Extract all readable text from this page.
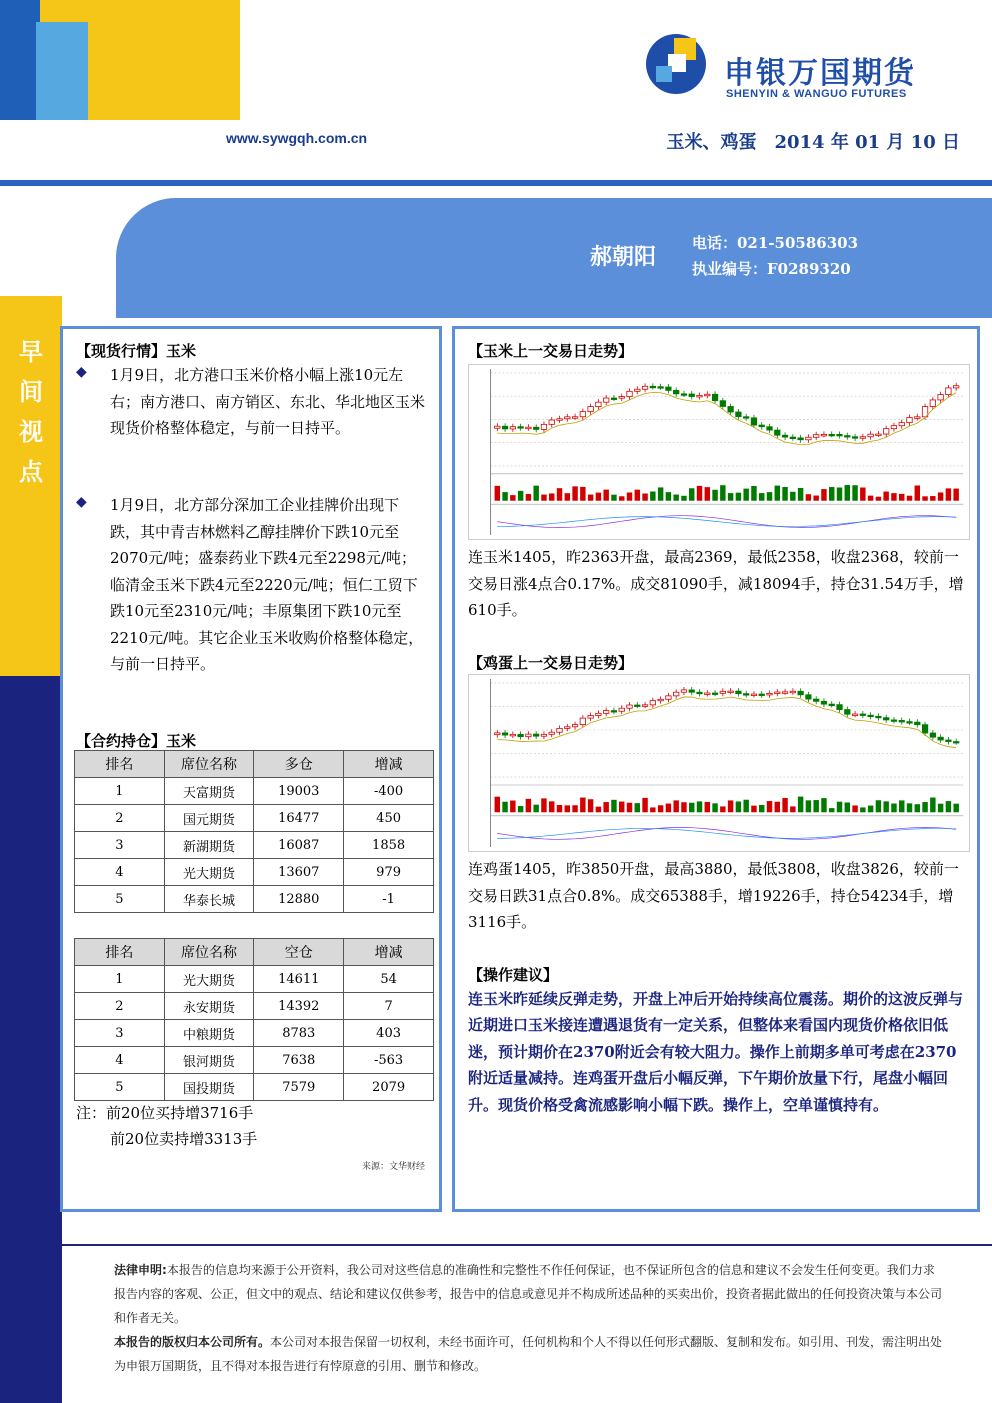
www.sywgqh.com.cn
申银万国期货
SHENYIN & WANGUO FUTURES
玉米、鸡蛋　2014 年 01 月 10 日
早
间
视
点
郝朝阳
电话：021-50586303
执业编号：F0289320
【现货行情】玉米
◆	1月9日，北方港口玉米价格小幅上涨10元左右；南方港口、南方销区、东北、华北地区玉米现货价格整体稳定，与前一日持平。
◆	1月9日，北方部分深加工企业挂牌价出现下跌，其中青吉林燃料乙醇挂牌价下跌10元至2070元/吨；盛泰药业下跌4元至2298元/吨；临清金玉米下跌4元至2220元/吨；恒仁工贸下跌10元至2310元/吨；丰原集团下跌10元至2210元/吨。其它企业玉米收购价格整体稳定，与前一日持平。
【合约持仓】玉米
排名	席位名称	多仓	增减
1	天富期货	19003	-400
2	国元期货	16477	450
3	新湖期货	16087	1858
4	光大期货	13607	979
5	华泰长城	12880	-1
排名	席位名称	空仓	增减
1	光大期货	14611	54
2	永安期货	14392	7
3	中粮期货	8783	403
4	银河期货	7638	-563
5	国投期货	7579	2079
注：前20位买持增3716手
前20位卖持增3313手
来源：文华财经
【玉米上一交易日走势】
连玉米1405，昨2363开盘，最高2369，最低2358，收盘2368，较前一交易日涨4点合0.17%。成交81090手，减18094手，持仓31.54万手，增610手。
【鸡蛋上一交易日走势】
连鸡蛋1405，昨3850开盘，最高3880，最低3808，收盘3826，较前一交易日跌31点合0.8%。成交65388手，增19226手，持仓54234手，增3116手。
【操作建议】
连玉米昨延续反弹走势，开盘上冲后开始持续高位震荡。期价的这波反弹与近期进口玉米接连遭遇退货有一定关系，但整体来看国内现货价格依旧低迷，预计期价在2370附近会有较大阻力。操作上前期多单可考虑在2370附近适量减持。连鸡蛋开盘后小幅反弹，下午期价放量下行，尾盘小幅回升。现货价格受禽流感影响小幅下跌。操作上，空单谨慎持有。
法律申明:本报告的信息均来源于公开资料，我公司对这些信息的准确性和完整性不作任何保证，也不保证所包含的信息和建议不会发生任何变更。我们力求报告内容的客观、公正，但文中的观点、结论和建议仅供参考，报告中的信息或意见并不构成所述品种的买卖出价，投资者据此做出的任何投资决策与本公司和作者无关。
本报告的版权归本公司所有。本公司对本报告保留一切权利，未经书面许可，任何机构和个人不得以任何形式翻版、复制和发布。如引用、刊发，需注明出处为申银万国期货，且不得对本报告进行有悖原意的引用、删节和修改。
